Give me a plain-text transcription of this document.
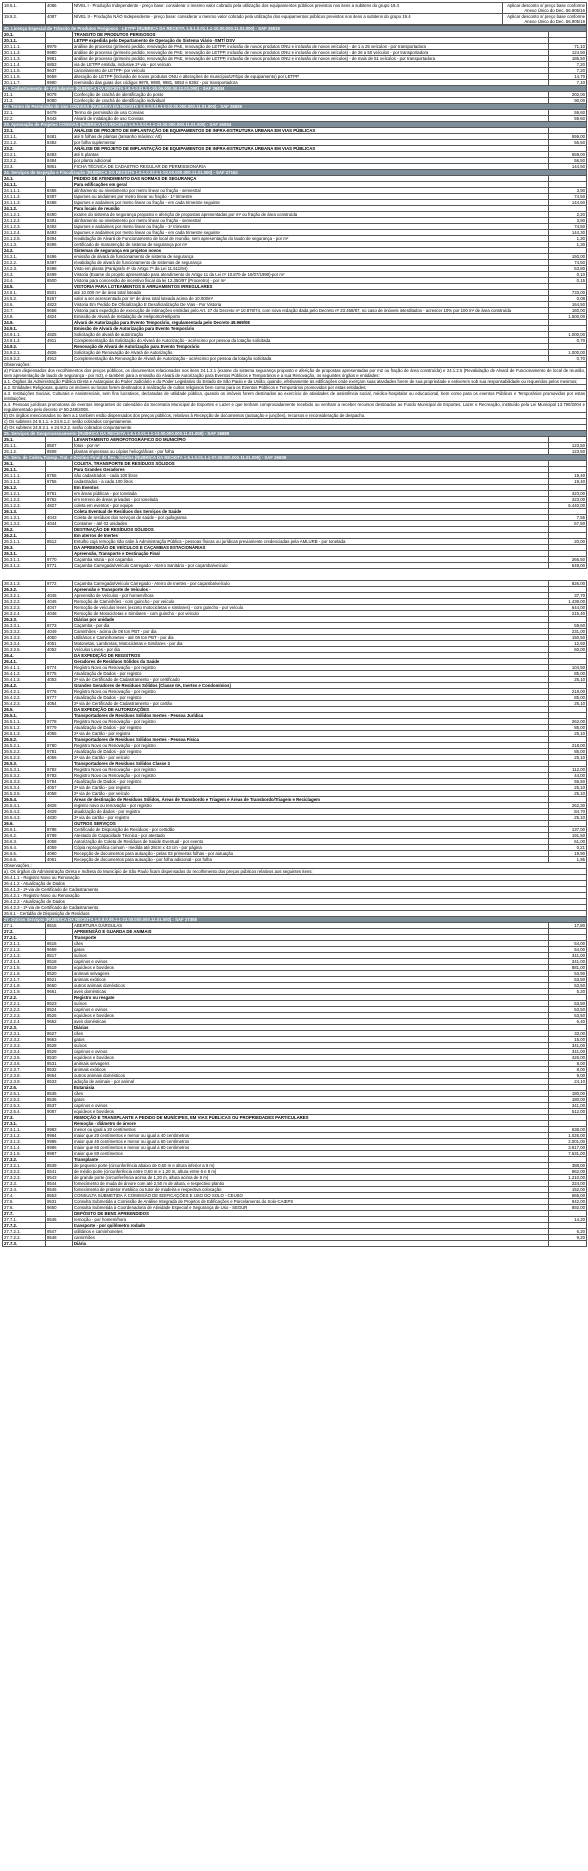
19.5.1.	4086	NÍVEL I - Produção Independente - preço base: considerar o mesmo valor cobrado pela utilização dos equipamentos públicos previstos nos itens a subitens do grupo 19.4	Aplicar desconto s/ preço base conforme Anexo Único do Dec. 56.905/16
19.5.2.	4087	NÍVEL II - Produção NÃO Independente - preço base: considerar o mesmo valor cobrado pela utilização dos equipamentos públicos previstos nos itens a subitens do grupo 19.4	Aplicar desconto s/ preço base conforme Anexo Único do Dec. 56.905/16
20. Licença Especial de Trânsito de Produtos Perigosos - LETPP (RUBRICA DA RECEITA 1.6.1.0.01.1.1-10.00.000.11.01.000) - SAF 26919			
20.1.		TRANSITO DE PRODUTOS PERIGOSOS	
20.1.1.		LETPP expedida pelo Departamento de Operação do Sistema Viário -SMT/ DSV	
20.1.1.1.	9979	análise de processo (primeiro pedido, renovação de PAE, renovação de LETPP, inclusão de novos produtos ONU e inclusão de novos veículos) - de 1 a 25 veículos - por transportadora	71,10
20.1.1.2.	9980	análise de processo (primeiro pedido, renovação de PAE, renovação de LETPP, inclusão de novos produtos ONU e inclusão de novos veículos) - de 26 a 50 veículos - por transportadora	124,50
20.1.1.3.	9981	análise de processo (primeiro pedido, renovação de PAE, renovação de LETPP, inclusão de novos produtos ONU e inclusão de novos veículos) - de mais de 51 veículos - por transportadora	186,50
20.1.1.4.	6853	via de LETPP emitida, inclusive 2ª via - por veículo	7,20
20.1.1.5.	9637	cancelamento de LETPP- por veículo	7,20
20.1.1.6.	9659	alteração de LETPP (inclusão de novos produtos ONU e alterações de município/UF/tipo de equipamento) por LETPP	14,70
20.1.1.7.	9990	reemissão das guias dos códigos 9979, 9980, 9981, 6853 e 6392 - por transportadora	7,10
21. Cadastramento de Ambulantes (RUBRICA DA RECEITA 1.6.1.0.01.1.1-20.06.000.00.11.01.000) - SAF 26834			
21.1.	9079	Confecção de crachá de identificação do posto	202,00
21.2.	9080	Confecção de crachá de identificação individual	90,00
22. Termo de Permissão de Uso CONVIAS (RUBRICA DA RECEITA 1.6.1.0.01.1.1-22.00.000.000.11.01.000) - SAF 26929			
22.1.	9479	Termo de permissão de uso Convias	59,60
22.2.	9443	Alvará de instalação de uso Convias	59,60
23. Aprovação de Projetos CONVIAS (RUBRICA DA RECEITA 1.6.1.0.01.1.1-23.00.000.000.11.01.000) - SAF 26934			
23.1.		ANÁLISE DE PROJETO DE IMPLANTAÇÃO DE EQUIPAMENTOS DE INFRA-ESTRUTURA URBANA EM VIAS PÚBLICAS	
23.1.1.	8481	até 5 folhas de plantas (tamanho máximo: A0)	559,00
23.1.2.	8482	por folha suplementar	56,50
23.2.		ANÁLISE DE PROJETO DE IMPLANTAÇÃO DE EQUIPAMENTOS DE INFRA-ESTRUTURA URBANA EM VIAS PÚBLICAS	
23.2.1.	8483	até 5 plantas	559,00
23.2.2.	8484	por planta adicional	56,50
23.3.	9861	FICHA TÉCNICA DE CADASTRO REGULAR DE PERMISSIONÁRIA	144,50
24. Serviços de Inspeção e Fiscalização (RUBRICA DA RECEITA 1.6.1.0.03.1.1-02.00.000.000.11.01.000) - SAF 27152			
24.1.		PEDIDO DE ATENDIMENTO DAS NORMAS DE SEGURANÇA	
24.1.1.		Para edificações em geral	
24.1.1.1.	8486	alinhamento ou nivelamento por metro linear ou fração - semestral	3,90
24.1.1.2.	8487	tapumes ou andaimes por metro linear ou fração - 1º trimestre	74,50
24.1.1.3.	8488	tapumes e andaimes por metro linear ou fração - em cada trimestre seguinte	144,50
24.1.2.		Para locais de reunião	
24.1.2.1.	8490	exame do sistema de segurança proposto e aferição de propostas apresentadas por m² ou fração de área construída	2,20
24.1.2.2.	8491	alinhamento ou nivelamento por metro linear ou fração - semestral	3,90
24.1.2.3.	8492	tapumes e andaimes por metro linear ou fração - 1º trimestre	74,50
24.1.2.4.	8493	tapumes e andaimes por metro linear ou fração - em cada trimestre seguinte	144,30
24.1.2.5.	8494	revalidação de Alvará de Funcionamento de local de reunião, sem apresentação do laudo de segurança - por m²	1,30
24.1.3.	8495	certificado de manutenção de sistema de segurança por m²	1,30
24.2.		Sistemas de segurança em projetos novos	
24.2.1.	8496	emissão de alvará de funcionamento de sistema de segurança	150,00
24.2.2.	8497	revalidação de alvará de funcionamento de sistemas de segurança	74,50
24.2.3.	8498	Visto em planta (Parágrafo 4º do Artigo 7º da Lei 11.511/94)	63,80
24.3.	8499	Vistoria (Exame do projeto apresentado para atendimento do Artigo 11 da Lei nº 10.870 de 19/07/1990)-por m²	0,10
24.4.	8500	Vistoria para concessão de incentivo fiscal da lei 12.350/97 (Procentro) - por m²	0,15
24.5.		VISTORIA PARA LOTEAMENTOS E ARRUAMENTOS IRREGULARES	
24.5.1.	8501	até 10.000 m² de área total loteada	733,00
24.5.2.	9267	valor a ser acrescentado por m² de área total loteada acima de 10.000m²	0,08
24.6.	4823	Vistoria Em Pedido De Oficialização E Desoficialização De Vias - Por Vistoria	164,50
24.7.	9658	Vistoria para expedição de execução de intimações emitidas pelo Art. 27 do Decreto nº 10.878/74, com nova redação dada pelo Decreto nº 23.458/87, no caso de imóveis interditados - acrescer 10% por 100 m² de área construída	160,00
24.8.	4824	Emissão de Alvará de Instalação de Heliponto/Heliporto	1.500,00
24.9.		Alvará de Autorização para Evento Temporário, regulamentada pelo Decreto 49.969/08	
24.9.1.		Emissão de Alvará de Autorização para Evento Temporário	
24.9.1.1.	4825	Solicitação de alvará de autorização	1.000,00
24.9.1.2.	4911	Complementação da Solicitação do Alvará de Autorização - acréscimo por pessoa da lotação solicitada	0,70
24.9.2.		Renovação de Alvará de Autorização para Evento Temporário	
24.9.2.1.	4826	Solicitação de Renovação de Alvará de Autorização	1.000,00
24.9.2.2.	4912	Complementação da Renovação de Alvará de Autorização - acréscimo por pessoa da lotação solicitada	0,70
Observações:			
a) Ficam dispensados dos recolhimentos dos preços públicos, os documentos relacionados nos itens 24.1.2.1 (exame do sistema segurança proposto e aferição de propostas apresentadas por m2 ou fração de área construída) e 24.1.2.5 (Revalidação de Alvará de Funcionamento de local de reunião, sem apresentação de laudo de segurança - por m2), e também para a emissão do Alvará de Autorização para Eventos Públicos e Temporários e a sua Renovação, os seguintes órgãos e entidades:			
a.1. Órgãos da Administração Pública Direta e Autarquias do Poder Judiciário e do Poder Legislativo do Estado de São Paulo e da União, quando, efetivamente as edificações onde exerçam suas atividades forem de sua propriedade e estiverem sob sua responsabilidade ou requeridos pelos mesmos;			
a.2. Entidades Religiosas, quanto os imóveis ou locais forem destinados à realização de cultos religiosos bem como para os Eventos Públicos e Temporários promovidos por estas entidades;			
a.3. Instituições Sociais, Culturais e Assistenciais, sem fins lucrativos, declaradas de utilidade pública, quando os imóveis forem destinados ao exercício de atividades de assistência social, médico-hospitalar ou educacional, bem como para os eventos Públicos e Temporários promovidos por estas instituições;			
a.4. Pessoas jurídicas promotoras de eventos integrantes do calendário da Secretaria Municipal de Esportes e Lazer e que tenham comprovadamente recebido ou venham a receber recursos destinados ao Fundo Municipal de Esportes, Lazer e Recreação, instituído pela Lei Municipal 13.790/2004 e regulamentado pelo decreto nº 50.248/2008.			
b) Os órgãos mencionados no item a.1 também estão dispensados dos preços públicos, relativos à Recepção de documentos (autuação e junções), recursos e reconsideração de despacho.			
c) Os subitens 24.9.1.1. e 24.9.1.2. serão cobrados conjuntamente.			
d) Os subitens 24.9.2.1. e 24.9.2.2. serão cobrados conjuntamente.			
25. Serviços de Geoprocessamento (RUBRICA DA RECEITA 1.6.1.0.01.1.1-13.00.000.000.11.01.000) - SAF 26889			
25.1.		LEVANTAMENTO AEROFOTOGRÁFICO DO MUNICÍPIO	
25.1.1.	8507	fotos - por m²	123,50
25.1.2.	8508	plantas impressas ou cópias heliográficas - por folha	123,50
26. Serv. de Coleta,Transp.,Trat. e Destino Final de Res. Sólidos (RUBRICA DA RECEITA 1.6.1.0.01.1.1-07.00.000.000.11.01.000) - SAF 26839			
26.1.		COLETA, TRANSPORTE DE RESÍDUOS SÓLIDOS	
26.1.1.		Para Grandes Geradores	
26.1.1.1.	9755	não cadastrados - cada 100 litros	19,40
26.1.1.2.	9756	cadastrados - a cada 100 litros	19,40
26.1.2.		Em Eventos	
26.1.2.1.	9761	em áreas públicas - por tonelada	423,00
26.1.2.2.	9762	em terreno de áreas privadas - por tonelada	423,00
26.1.2.3.	4827	coleta em eventos - por equipe	6.440,00
26.1.3.		Coleta Eventual de Resíduos dos Serviços de Saúde	
26.1.3.1.	4043	Coleta de resíduos dos serviços de saúde - por quilograma	7,55
26.1.3.2.	4044	Container - até 02 unidades	67,50
26.2.		DESTINAÇÃO DE RESÍDUOS SÓLIDOS	
26.2.1.		Em aterros de Inertes	
26.2.1.1.	8512	Entulho cuja remoção não cabe à Administração Pública - pessoas físicas ou jurídicas previamente credenciadas pela AMLURB - por tonelada	20,00
26.3.		DA APREENSÃO DE VEÍCULOS E CAÇAMBAS ESTACIONÁRIAS	
26.3.1.		Apreensão, Transporte e Destinação Final	
26.3.1.1.	9770	Caçamba Vazia - por caçamba	266,50
26.3.1.2.	9771	Caçamba Carregada/Veículo Carregado - Aterro Sanitário - por caçamba/veículo	649,00
26.3.1.3.	9772	Caçamba Carregada/Veículo Carregado - Aterro de Inertes - por caçamba/veículo	826,00
26.3.2.		Apreensão e Transporte de Veículos -	
26.3.2.1.	4045	Apreensão de Veículos - por homem/hora	37,70
26.3.2.2.	4046	Remoção de Caminhões - com guincho - por veículo	1.439,00
26.3.2.3.	4047	Remoção de veículos leves (exceto motocicletas e similares) - com guincho - por veículo	644,00
26.3.2.4.	4048	Remoção de Motocicletas e Similares - com guincho - por veículo	216,40
26.3.3.		Diárias por unidade	
26.3.3.1.	9773	Caçamba - por dia	59,60
26.3.3.2.	4049	Caminhões - acima de 08 ton PBT - por dia	231,00
26.3.3.3.	4050	Utilitários e Caminhonetes - até 08 ton PBT - por dia	150,50
26.3.3.4.	4051	Motonetas, Lambretas, Motocicletas e Similares - por dia	12,60
26.3.3.5.	4052	Veículos Leves - por dia	60,00
26.4.		DA EXPEDIÇÃO DE REGISTROS	
26.4.1.		Geradores de Resíduos Sólidos da Saúde	
26.4.1.1.	9774	Registro Novo ou Renovação - por registro	104,50
26.4.1.2.	9775	Atualização de Dados - por registro	85,00
26.4.1.3.	4053	2ª via de Certificado de Cadastramento - por certificado	25,10
26.4.2.		Grandes Geradores de Resíduos Sólidos (Classe IIA, Inertes e Condomínios)	
26.4.2.1.	9776	Registro Novo ou Renovação - por registro	218,00
26.4.2.2.	9777	Atualização de Dados - por registro	85,00
26.4.2.3.	4054	2ª via de Certificado de Cadastramento - por cartão	25,10
26.5.		DA EXPEDIÇÃO DE AUTORIZAÇÕES	
26.5.1.		Transportadores de Resíduos Sólidos Inertes - Pessoa Jurídica	
26.5.1.1.	9778	Registro Novo ou Renovação - por registro	262,00
26.5.1.2.	9779	Atualização de Dados - por registro	85,00
26.5.1.3.	4055	2ª via de Cartão - por registro	25,10
26.5.2.		Transportadores de Resíduos Sólidos Inertes - Pessoa Física	
26.5.2.1.	9780	Registro Novo ou Renovação - por registro	218,00
26.5.2.2.	9781	Atualização de Dados - por registro	85,00
26.5.2.3.	4056	2ª via de Cartão - por veículo	25,10
26.5.3.		Transportadores de Resíduos Sólidos Classe 2	
26.5.3.1.	9782	Registro Novo ou Renovação - por registro	112,00
26.5.3.2.	9783	Registro Novo ou Renovação - por registro	44,00
26.5.3.3.	9784	Atualização de Dados - por registro	56,50
26.5.3.4.	4057	2ª via de Cartão - por registro	25,10
26.5.3.5.	4058	2ª via de Cartão - por veículo	25,10
26.5.4.		Áreas de destinação de Resíduos Sólidos, Áreas de Transbordo e Triagem e Áreas de Transbordo/Triagem e Reciclagem	
26.5.4.1.	4828	registro novo ou renovação - por registro	262,30
26.5.4.2.	4829	atualização de dados - por registro	84,70
26.5.4.3.	4830	2ª via de cartão - por registro	25,10
26.6.		OUTROS SERVIÇOS	
26.6.1.	9788	Certificado de Disposição de Resíduos - por certidão	137,00
26.6.2.	9789	Atestado de Capacidade Técnica - por atestado	191,50
26.6.3.	4058	Autorização de Coleta de Resíduos de Saúde Eventual - por evento	61,00
26.6.4.	4059	Cópia reprográfica comum - medida até 28cm x 43 cm - por página	0,21
26.6.5.	4060	Recepção de documentos para autuação - pelas 03 primeiras folhas - por autuação	19,90
26.6.6.	4061	Recepção de documentos para autuação - por folha adicional - por folha	1,95
Observações.:			
a). Os órgãos da Administração Direta e Indireta do Município de São Paulo ficam dispensados do recolhimento dos preços públicos relativos aos seguintes itens:			
26.4.1.1 - Registro Novo ou Renovação			
26.4.1.2 - Atualização de Dados			
26.4.1.3 - 2ª via de Certificado de Cadastramento			
26.4.2.1 - Registro Novo ou Renovação			
26.4.2.2 - Atualização de Dados			
26.4.2.3 - 2ª via de Certificado de Cadastramento			
26.6.1 - Certidão de Disposição de Resíduos			
27. Outros Serviços (RUBRICA DA RECEITA 1.6.9.0.99.1.1-23.00.000.000.11.01.000) - SAF 27358			
27.1.	8515	ABERTURA GÁRGULAS	17,80
27.2.		APREENSÃO E GUARDA DE ANIMAIS	
27.2.1.		Transporte	
27.2.1.1.	8516	cães	54,00
27.2.1.2.	9659	gatos	54,00
27.2.1.3.	8517	suínos	341,00
27.2.1.4.	8518	caprinos e ovinos	341,00
27.2.1.5.	8519	equídeos e bovídeos	881,00
27.2.1.6.	8520	animais selvagens	53,90
27.2.1.7.	8521	animais exóticos	53,50
27.2.1.8.	9660	outros animais domésticos	53,50
27.2.1.9.	9661	aves domésticas	5,20
27.2.2.		Registro ou resgate	
27.2.2.1.	8523	suínos	53,50
27.2.2.2.	8524	caprinos e ovinos	53,50
27.2.2.3.	8525	equídeos e bovídeos	53,50
27.2.2.4.	9662	aves domésticas	6,40
27.2.3.		Diárias	
27.2.3.1.	8527	cães	33,00
27.2.3.2.	9663	gatos	15,00
27.2.3.3.	8528	suínos	341,00
27.2.3.4.	8529	caprinos e ovinos	341,00
27.2.3.5.	8530	equídeos e bovídeos	426,00
27.2.3.6.	8531	animais selvagens	8,00
27.2.3.7.	8532	animais exóticos	8,00
27.2.3.8.	9664	outros animais domésticos	9,00
27.2.3.9.	8533	adoção de animais - por animal	24,10
27.2.5.		Eutanásia	
27.2.5.1.	8535	cães	180,00
27.2.5.2.	8536	gatos	180,00
27.2.5.3.	8537	caprinos e ovinos	341,00
27.2.5.4.	9087	equídeos e bovídeos	512,00
27.3.		REMOÇÃO E TRANSPLANTE A PEDIDO DE MUNÍCIPES, EM VIAS PÚBLICAS OU PROPRIEDADES PARTICULARES	
27.3.1.		Remoção - diâmetro de árvore	
27.3.1.1.	9983	menor ou igual a 20 centímetros	638,00
27.3.1.2.	9984	maior que 20 centímetros e menor ou igual a 40 centímetros	1.026,00
27.3.1.3.	9985	maior que 40 centímetros e menor ou igual a 60 centímetros	2.001,00
27.3.1.4.	9986	maior que 60 centímetros e menor ou igual a 80 centímetros	3.817,00
27.3.1.5.	9987	maior que 80 centímetros	7.631,00
27.3.2.		Transplante	
27.3.2.1.	8539	de pequeno porte (circunferência abaixo de 0,60 m e altura inferior a 6 m)	388,00
27.3.2.2.	8541	de médio porte (circunferência entre 0,60 m e 1,20 m, altura entre 6 e 8 m)	862,00
27.3.2.3.	8543	de grande porte (circunferência acima de 1,20 m, altura acima de 8 m)	1.210,00
27.3.3.	8544	fornecimento de muda de árvore com até 2,50 m de altura, e respectivo plantio	224,00
27.3.4.	8545	fornecimento de protetor metálico ou tutor de madeira e respectiva colocação	152,00
27.4.	8553	CONSULTA SUBMETIDA À COMISSÃO DE EDIFICAÇÕES E USO DO SOLO - CEUSO	665,00
27.5.	9531	Consulta Submetida a Comissão de Análise Integrada de Projetos de Edificações e Parcelamento do Solo-CAIEPS	942,00
27.6.	9650	Consulta Submetida à Coordenadoria de Atividade Especial e Segurança de Uso - SEGUR	892,00
27.7.		DEPÓSITO DE BENS APREENDIDOS	
27.7.1.	8546	remoção - por homem/hora	14,20
27.7.2.		transporte - por quilômetro rodado	
27.7.2.1.	8547	utilitários e caminhonetes	6,20
27.7.2.2.	8548	caminhões	9,20
27.7.3.		Diária	
